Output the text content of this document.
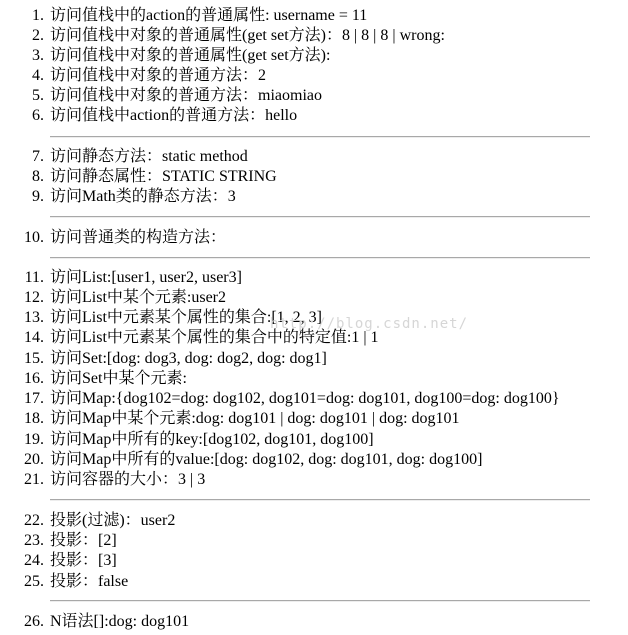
1. 访问值栈中的action的普通属性: username = 11
2. 访问值栈中对象的普通属性(get set方法)：8 | 8 | 8 | wrong:
3. 访问值栈中对象的普通属性(get set方法):
4. 访问值栈中对象的普通方法：2
5. 访问值栈中对象的普通方法：miaomiao
6. 访问值栈中action的普通方法：hello
7. 访问静态方法：static method
8. 访问静态属性：STATIC STRING
9. 访问Math类的静态方法：3
10. 访问普通类的构造方法：
11. 访问List:[user1, user2, user3]
12. 访问List中某个元素:user2
13. 访问List中元素某个属性的集合:[1, 2, 3]
14. 访问List中元素某个属性的集合中的特定值:1 | 1
15. 访问Set:[dog: dog3, dog: dog2, dog: dog1]
16. 访问Set中某个元素:
17. 访问Map:{dog102=dog: dog102, dog101=dog: dog101, dog100=dog: dog100}
18. 访问Map中某个元素:dog: dog101 | dog: dog101 | dog: dog101
19. 访问Map中所有的key:[dog102, dog101, dog100]
20. 访问Map中所有的value:[dog: dog102, dog: dog101, dog: dog100]
21. 访问容器的大小：3 | 3
22. 投影(过滤)：user2
23. 投影：[2]
24. 投影：[3]
25. 投影：false
26. N语法[]:dog: dog101
http://blog.csdn.net/
